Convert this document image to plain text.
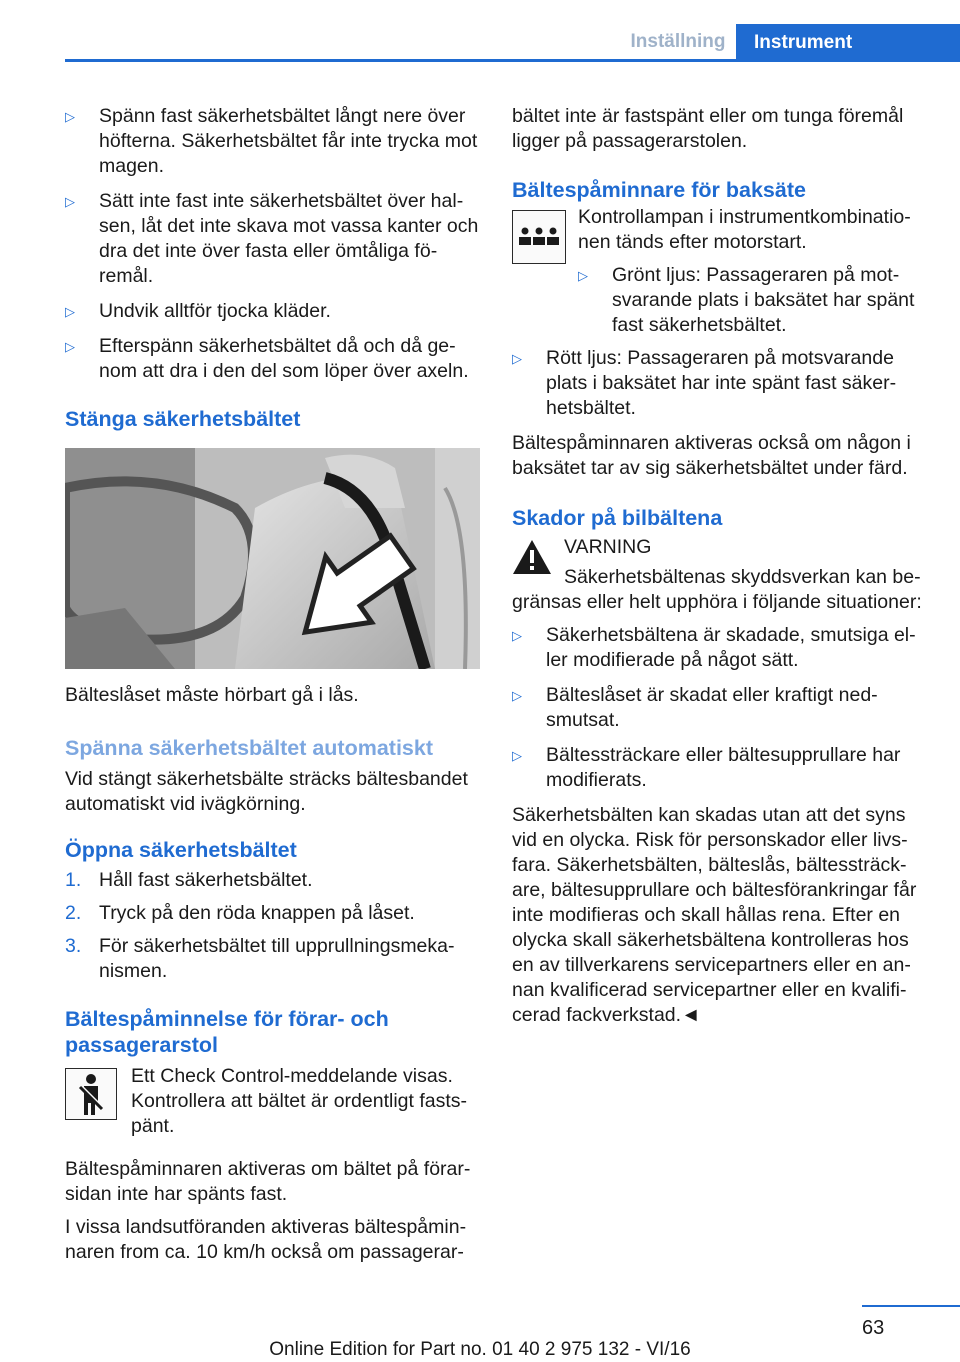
Inställning	Instrument
▷ Spänn fast säkerhetsbältet långt nere över höfterna. Säkerhetsbältet får inte trycka mot magen.
▷ Sätt inte fast inte säkerhetsbältet över halsen, låt det inte skava mot vassa kanter och dra det inte över fasta eller ömtåliga föremål.
▷ Undvik alltför tjocka kläder.
▷ Efterspänn säkerhetsbältet då och då genom att dra i den del som löper över axeln.
Stänga säkerhetsbältet

Bälteslåset måste hörbart gå i lås.

Spänna säkerhetsbältet automatiskt

Vid stängt säkerhetsbälte sträcks bältesbandet automatiskt vid ivägkörning.

Öppna säkerhetsbältet
1. Håll fast säkerhetsbältet.
2. Tryck på den röda knappen på låset.
3. För säkerhetsbältet till upprullningsmekanismen.
Bältespåminnelse för förar- och passagerarstol

Ett Check Control-meddelande visas. Kontrollera att bältet är ordentligt fastspänt.

Bältespåminnaren aktiveras om bältet på förarsidan inte har spänts fast.

I vissa landsutföranden aktiveras bältespåminnaren from ca. 10 km/h också om passagerar-

bältet inte är fastspänt eller om tunga föremål ligger på passagerarstolen.

Bältespåminnare för baksäte

Kontrollampan i instrumentkombinationen tänds efter motorstart.

▷ Grönt ljus: Passageraren på motsvarande plats i baksätet har spänt fast säkerhetsbältet.
▷ Rött ljus: Passageraren på motsvarande plats i baksätet har inte spänt fast säkerhetsbältet.

Bältespåminnaren aktiveras också om någon i baksätet tar av sig säkerhetsbältet under färd.

Skador på bilbältena

VARNING

Säkerhetsbältenas skyddsverkan kan begränsas eller helt upphöra i följande situationer:

▷ Säkerhetsbältena är skadade, smutsiga eller modifierade på något sätt.
▷ Bälteslåset är skadat eller kraftigt nedsmutsat.
▷ Bältessträckare eller bältesupprullare har modifierats.

Säkerhetsbälten kan skadas utan att det syns vid en olycka. Risk för personskador eller livsfara. Säkerhetsbälten, bälteslås, bältessträckare, bältesupprullare och bältesförankringar får inte modifieras och skall hållas rena. Efter en olycka skall säkerhetsbältena kontrolleras hos en av tillverkarens servicepartners eller en annan kvalificerad servicepartner eller en kvalificerad fackverkstad.◄

63
Online Edition for Part no. 01 40 2 975 132 - VI/16
